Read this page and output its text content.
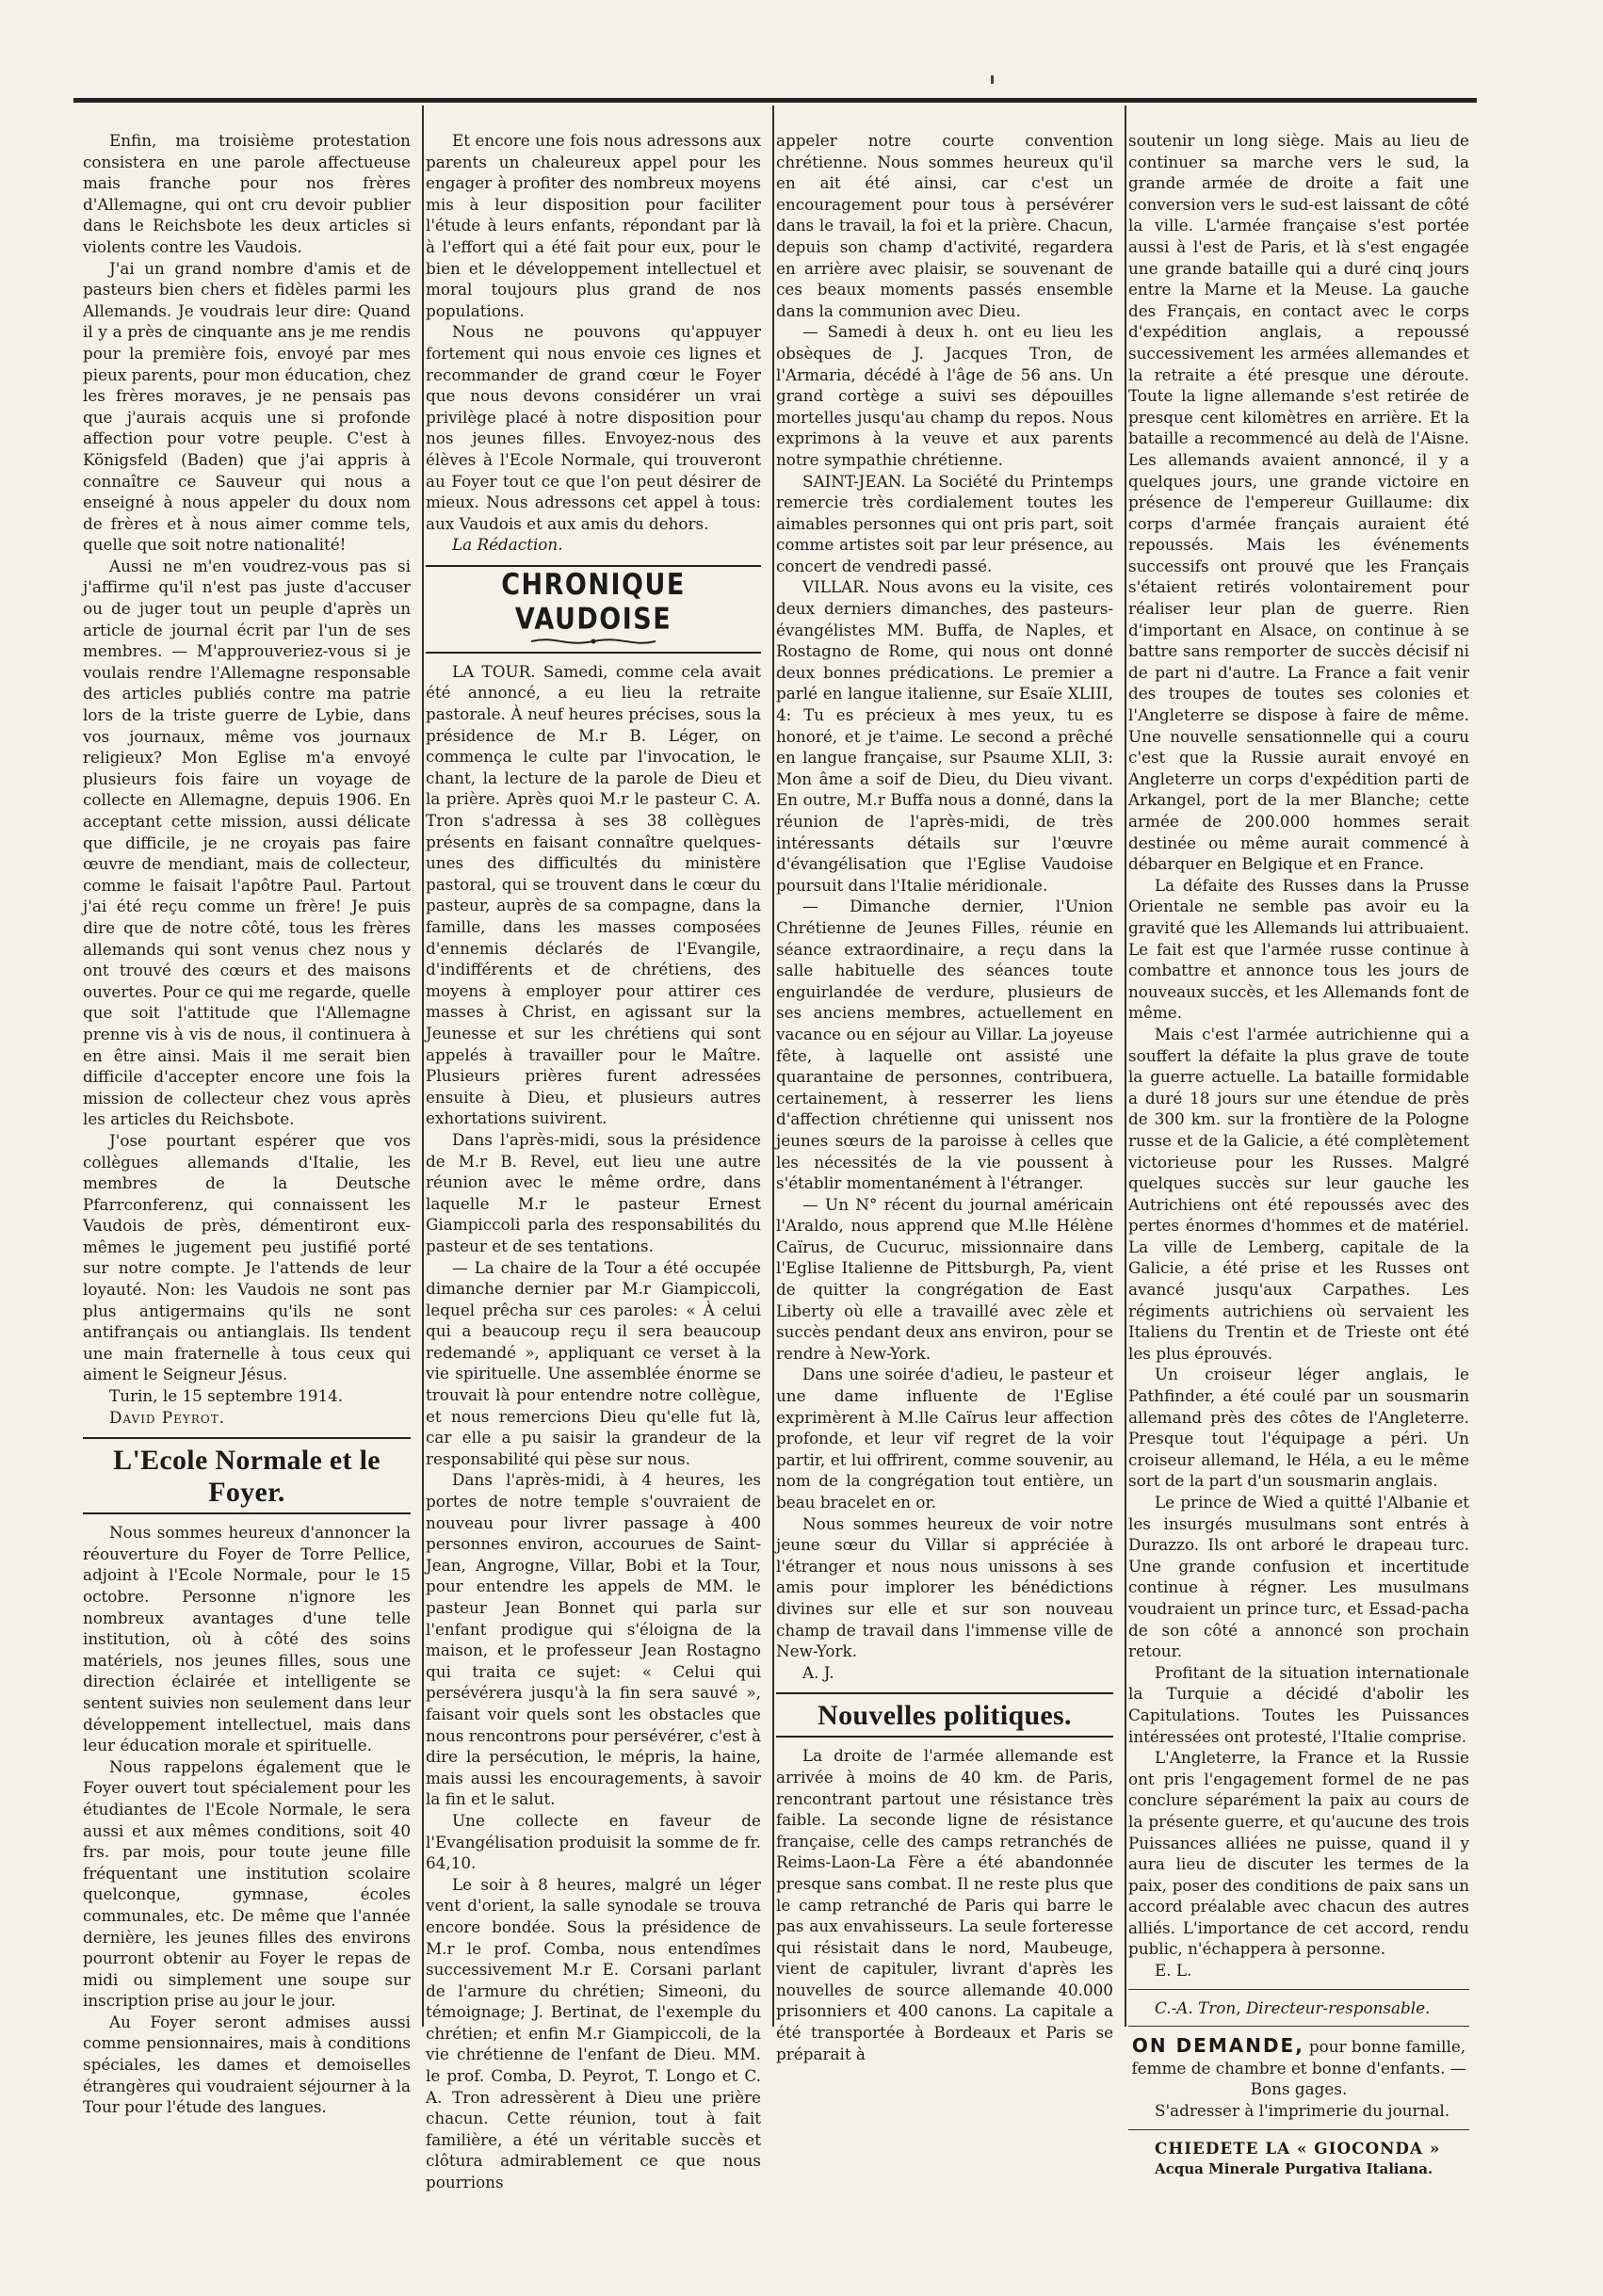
Enfin, ma troisième protestation consistera en une parole affectueuse mais franche pour nos frères d'Allemagne, qui ont cru devoir publier dans le Reichsbote les deux articles si violents contre les Vaudois.

J'ai un grand nombre d'amis et de pasteurs bien chers et fidèles parmi les Allemands. Je voudrais leur dire: Quand il y a près de cinquante ans je me rendis pour la première fois, envoyé par mes pieux parents, pour mon éducation, chez les frères moraves, je ne pensais pas que j'aurais acquis une si profonde affection pour votre peuple. C'est à Königsfeld (Baden) que j'ai appris à connaître ce Sauveur qui nous a enseigné à nous appeler du doux nom de frères et à nous aimer comme tels, quelle que soit notre nationalité!

Aussi ne m'en voudrez-vous pas si j'affirme qu'il n'est pas juste d'accuser ou de juger tout un peuple d'après un article de journal écrit par l'un de ses membres. — M'approuveriez-vous si je voulais rendre l'Allemagne responsable des articles publiés contre ma patrie lors de la triste guerre de Lybie, dans vos journaux, même vos journaux religieux? Mon Eglise m'a envoyé plusieurs fois faire un voyage de collecte en Allemagne, depuis 1906. En acceptant cette mission, aussi délicate que difficile, je ne croyais pas faire œuvre de mendiant, mais de collecteur, comme le faisait l'apôtre Paul. Partout j'ai été reçu comme un frère! Je puis dire que de notre côté, tous les frères allemands qui sont venus chez nous y ont trouvé des cœurs et des maisons ouvertes. Pour ce qui me regarde, quelle que soit l'attitude que l'Allemagne prenne vis à vis de nous, il continuera à en être ainsi. Mais il me serait bien difficile d'accepter encore une fois la mission de collecteur chez vous après les articles du Reichsbote.

J'ose pourtant espérer que vos collègues allemands d'Italie, les membres de la Deutsche Pfarrconferenz, qui connaissent les Vaudois de près, démentiront eux-mêmes le jugement peu justifié porté sur notre compte. Je l'attends de leur loyauté. Non: les Vaudois ne sont pas plus antigermains qu'ils ne sont antifrançais ou antianglais. Ils tendent une main fraternelle à tous ceux qui aiment le Seigneur Jésus.

Turin, le 15 septembre 1914.

David Peyrot.

L'Ecole Normale et le Foyer.

Nous sommes heureux d'annoncer la réouverture du Foyer de Torre Pellice, adjoint à l'Ecole Normale, pour le 15 octobre. Personne n'ignore les nombreux avantages d'une telle institution, où à côté des soins matériels, nos jeunes filles, sous une direction éclairée et intelligente se sentent suivies non seulement dans leur développement intellectuel, mais dans leur éducation morale et spirituelle.

Nous rappelons également que le Foyer ouvert tout spécialement pour les étudiantes de l'Ecole Normale, le sera aussi et aux mêmes conditions, soit 40 frs. par mois, pour toute jeune fille fréquentant une institution scolaire quelconque, gymnase, écoles communales, etc. De même que l'année dernière, les jeunes filles des environs pourront obtenir au Foyer le repas de midi ou simplement une soupe sur inscription prise au jour le jour.

Au Foyer seront admises aussi comme pensionnaires, mais à conditions spéciales, les dames et demoiselles étrangères qui voudraient séjourner à la Tour pour l'étude des langues.

Et encore une fois nous adressons aux parents un chaleureux appel pour les engager à profiter des nombreux moyens mis à leur disposition pour faciliter l'étude à leurs enfants, répondant par là à l'effort qui a été fait pour eux, pour le bien et le développement intellectuel et moral toujours plus grand de nos populations.

Nous ne pouvons qu'appuyer fortement qui nous envoie ces lignes et recommander de grand cœur le Foyer que nous devons considérer un vrai privilège placé à notre disposition pour nos jeunes filles. Envoyez-nous des élèves à l'Ecole Normale, qui trouveront au Foyer tout ce que l'on peut désirer de mieux. Nous adressons cet appel à tous: aux Vaudois et aux amis du dehors.

La Rédaction.

CHRONIQUE VAUDOISE

LA TOUR. Samedi, comme cela avait été annoncé, a eu lieu la retraite pastorale. À neuf heures précises, sous la présidence de M.r B. Léger, on commença le culte par l'invocation, le chant, la lecture de la parole de Dieu et la prière. Après quoi M.r le pasteur C. A. Tron s'adressa à ses 38 collègues présents en faisant connaître quelques-unes des difficultés du ministère pastoral, qui se trouvent dans le cœur du pasteur, auprès de sa compagne, dans la famille, dans les masses composées d'ennemis déclarés de l'Evangile, d'indifférents et de chrétiens, des moyens à employer pour attirer ces masses à Christ, en agissant sur la Jeunesse et sur les chrétiens qui sont appelés à travailler pour le Maître. Plusieurs prières furent adressées ensuite à Dieu, et plusieurs autres exhortations suivirent.

Dans l'après-midi, sous la présidence de M.r B. Revel, eut lieu une autre réunion avec le même ordre, dans laquelle M.r le pasteur Ernest Giampiccoli parla des responsabilités du pasteur et de ses tentations.

— La chaire de la Tour a été occupée dimanche dernier par M.r Giampiccoli, lequel prêcha sur ces paroles: « À celui qui a beaucoup reçu il sera beaucoup redemandé », appliquant ce verset à la vie spirituelle. Une assemblée énorme se trouvait là pour entendre notre collègue, et nous remercions Dieu qu'elle fut là, car elle a pu saisir la grandeur de la responsabilité qui pèse sur nous.

Dans l'après-midi, à 4 heures, les portes de notre temple s'ouvraient de nouveau pour livrer passage à 400 personnes environ, accourues de Saint-Jean, Angrogne, Villar, Bobi et la Tour, pour entendre les appels de MM. le pasteur Jean Bonnet qui parla sur l'enfant prodigue qui s'éloigna de la maison, et le professeur Jean Rostagno qui traita ce sujet: « Celui qui persévérera jusqu'à la fin sera sauvé », faisant voir quels sont les obstacles que nous rencontrons pour persévérer, c'est à dire la persécution, le mépris, la haine, mais aussi les encouragements, à savoir la fin et le salut.

Une collecte en faveur de l'Evangélisation produisit la somme de fr. 64,10.

Le soir à 8 heures, malgré un léger vent d'orient, la salle synodale se trouva encore bondée. Sous la présidence de M.r le prof. Comba, nous entendîmes successivement M.r E. Corsani parlant de l'armure du chrétien; Simeoni, du témoignage; J. Bertinat, de l'exemple du chrétien; et enfin M.r Giampiccoli, de la vie chrétienne de l'enfant de Dieu. MM. le prof. Comba, D. Peyrot, T. Longo et C. A. Tron adressèrent à Dieu une prière chacun. Cette réunion, tout à fait familière, a été un véritable succès et clôtura admirablement ce que nous pourrions

appeler notre courte convention chrétienne. Nous sommes heureux qu'il en ait été ainsi, car c'est un encouragement pour tous à persévérer dans le travail, la foi et la prière. Chacun, depuis son champ d'activité, regardera en arrière avec plaisir, se souvenant de ces beaux moments passés ensemble dans la communion avec Dieu.

— Samedi à deux h. ont eu lieu les obsèques de J. Jacques Tron, de l'Armaria, décédé à l'âge de 56 ans. Un grand cortège a suivi ses dépouilles mortelles jusqu'au champ du repos. Nous exprimons à la veuve et aux parents notre sympathie chrétienne.

SAINT-JEAN. La Société du Printemps remercie très cordialement toutes les aimables personnes qui ont pris part, soit comme artistes soit par leur présence, au concert de vendredi passé.

VILLAR. Nous avons eu la visite, ces deux derniers dimanches, des pasteurs-évangélistes MM. Buffa, de Naples, et Rostagno de Rome, qui nous ont donné deux bonnes prédications. Le premier a parlé en langue italienne, sur Esaïe XLIII, 4: Tu es précieux à mes yeux, tu es honoré, et je t'aime. Le second a prêché en langue française, sur Psaume XLII, 3: Mon âme a soif de Dieu, du Dieu vivant. En outre, M.r Buffa nous a donné, dans la réunion de l'après-midi, de très intéressants détails sur l'œuvre d'évangélisation que l'Eglise Vaudoise poursuit dans l'Italie méridionale.

— Dimanche dernier, l'Union Chrétienne de Jeunes Filles, réunie en séance extraordinaire, a reçu dans la salle habituelle des séances toute enguirlandée de verdure, plusieurs de ses anciens membres, actuellement en vacance ou en séjour au Villar. La joyeuse fête, à laquelle ont assisté une quarantaine de personnes, contribuera, certainement, à resserrer les liens d'affection chrétienne qui unissent nos jeunes sœurs de la paroisse à celles que les nécessités de la vie poussent à s'établir momentanément à l'étranger.

— Un N° récent du journal américain l'Araldo, nous apprend que M.lle Hélène Caïrus, de Cucuruc, missionnaire dans l'Eglise Italienne de Pittsburgh, Pa, vient de quitter la congrégation de East Liberty où elle a travaillé avec zèle et succès pendant deux ans environ, pour se rendre à New-York.

Dans une soirée d'adieu, le pasteur et une dame influente de l'Eglise exprimèrent à M.lle Caïrus leur affection profonde, et leur vif regret de la voir partir, et lui offrirent, comme souvenir, au nom de la congrégation tout entière, un beau bracelet en or.

Nous sommes heureux de voir notre jeune sœur du Villar si appréciée à l'étranger et nous nous unissons à ses amis pour implorer les bénédictions divines sur elle et sur son nouveau champ de travail dans l'immense ville de New-York.

A. J.

Nouvelles politiques.

La droite de l'armée allemande est arrivée à moins de 40 km. de Paris, rencontrant partout une résistance très faible. La seconde ligne de résistance française, celle des camps retranchés de Reims-Laon-La Fère a été abandonnée presque sans combat. Il ne reste plus que le camp retranché de Paris qui barre le pas aux envahisseurs. La seule forteresse qui résistait dans le nord, Maubeuge, vient de capituler, livrant d'après les nouvelles de source allemande 40.000 prisonniers et 400 canons. La capitale a été transportée à Bordeaux et Paris se préparait à

soutenir un long siège. Mais au lieu de continuer sa marche vers le sud, la grande armée de droite a fait une conversion vers le sud-est laissant de côté la ville. L'armée française s'est portée aussi à l'est de Paris, et là s'est engagée une grande bataille qui a duré cinq jours entre la Marne et la Meuse. La gauche des Français, en contact avec le corps d'expédition anglais, a repoussé successivement les armées allemandes et la retraite a été presque une déroute. Toute la ligne allemande s'est retirée de presque cent kilomètres en arrière. Et la bataille a recommencé au delà de l'Aisne. Les allemands avaient annoncé, il y a quelques jours, une grande victoire en présence de l'empereur Guillaume: dix corps d'armée français auraient été repoussés. Mais les événements successifs ont prouvé que les Français s'étaient retirés volontairement pour réaliser leur plan de guerre. Rien d'important en Alsace, on continue à se battre sans remporter de succès décisif ni de part ni d'autre. La France a fait venir des troupes de toutes ses colonies et l'Angleterre se dispose à faire de même. Une nouvelle sensationnelle qui a couru c'est que la Russie aurait envoyé en Angleterre un corps d'expédition parti de Arkangel, port de la mer Blanche; cette armée de 200.000 hommes serait destinée ou même aurait commencé à débarquer en Belgique et en France.

La défaite des Russes dans la Prusse Orientale ne semble pas avoir eu la gravité que les Allemands lui attribuaient. Le fait est que l'armée russe continue à combattre et annonce tous les jours de nouveaux succès, et les Allemands font de même.

Mais c'est l'armée autrichienne qui a souffert la défaite la plus grave de toute la guerre actuelle. La bataille formidable a duré 18 jours sur une étendue de près de 300 km. sur la frontière de la Pologne russe et de la Galicie, a été complètement victorieuse pour les Russes. Malgré quelques succès sur leur gauche les Autrichiens ont été repoussés avec des pertes énormes d'hommes et de matériel. La ville de Lemberg, capitale de la Galicie, a été prise et les Russes ont avancé jusqu'aux Carpathes. Les régiments autrichiens où servaient les Italiens du Trentin et de Trieste ont été les plus éprouvés.

Un croiseur léger anglais, le Pathfinder, a été coulé par un sousmarin allemand près des côtes de l'Angleterre. Presque tout l'équipage a péri. Un croiseur allemand, le Héla, a eu le même sort de la part d'un sousmarin anglais.

Le prince de Wied a quitté l'Albanie et les insurgés musulmans sont entrés à Durazzo. Ils ont arboré le drapeau turc. Une grande confusion et incertitude continue à régner. Les musulmans voudraient un prince turc, et Essad-pacha de son côté a annoncé son prochain retour.

Profitant de la situation internationale la Turquie a décidé d'abolir les Capitulations. Toutes les Puissances intéressées ont protesté, l'Italie comprise.

L'Angleterre, la France et la Russie ont pris l'engagement formel de ne pas conclure séparément la paix au cours de la présente guerre, et qu'aucune des trois Puissances alliées ne puisse, quand il y aura lieu de discuter les termes de la paix, poser des conditions de paix sans un accord préalable avec chacun des autres alliés. L'importance de cet accord, rendu public, n'échappera à personne.

E. L.

C.-A. Tron, Directeur-responsable.

ON DEMANDE, pour bonne famille, femme de chambre et bonne d'enfants. — Bons gages.

S'adresser à l'imprimerie du journal.

CHIEDETE LA « GIOCONDA »

Acqua Minerale Purgativa Italiana.
